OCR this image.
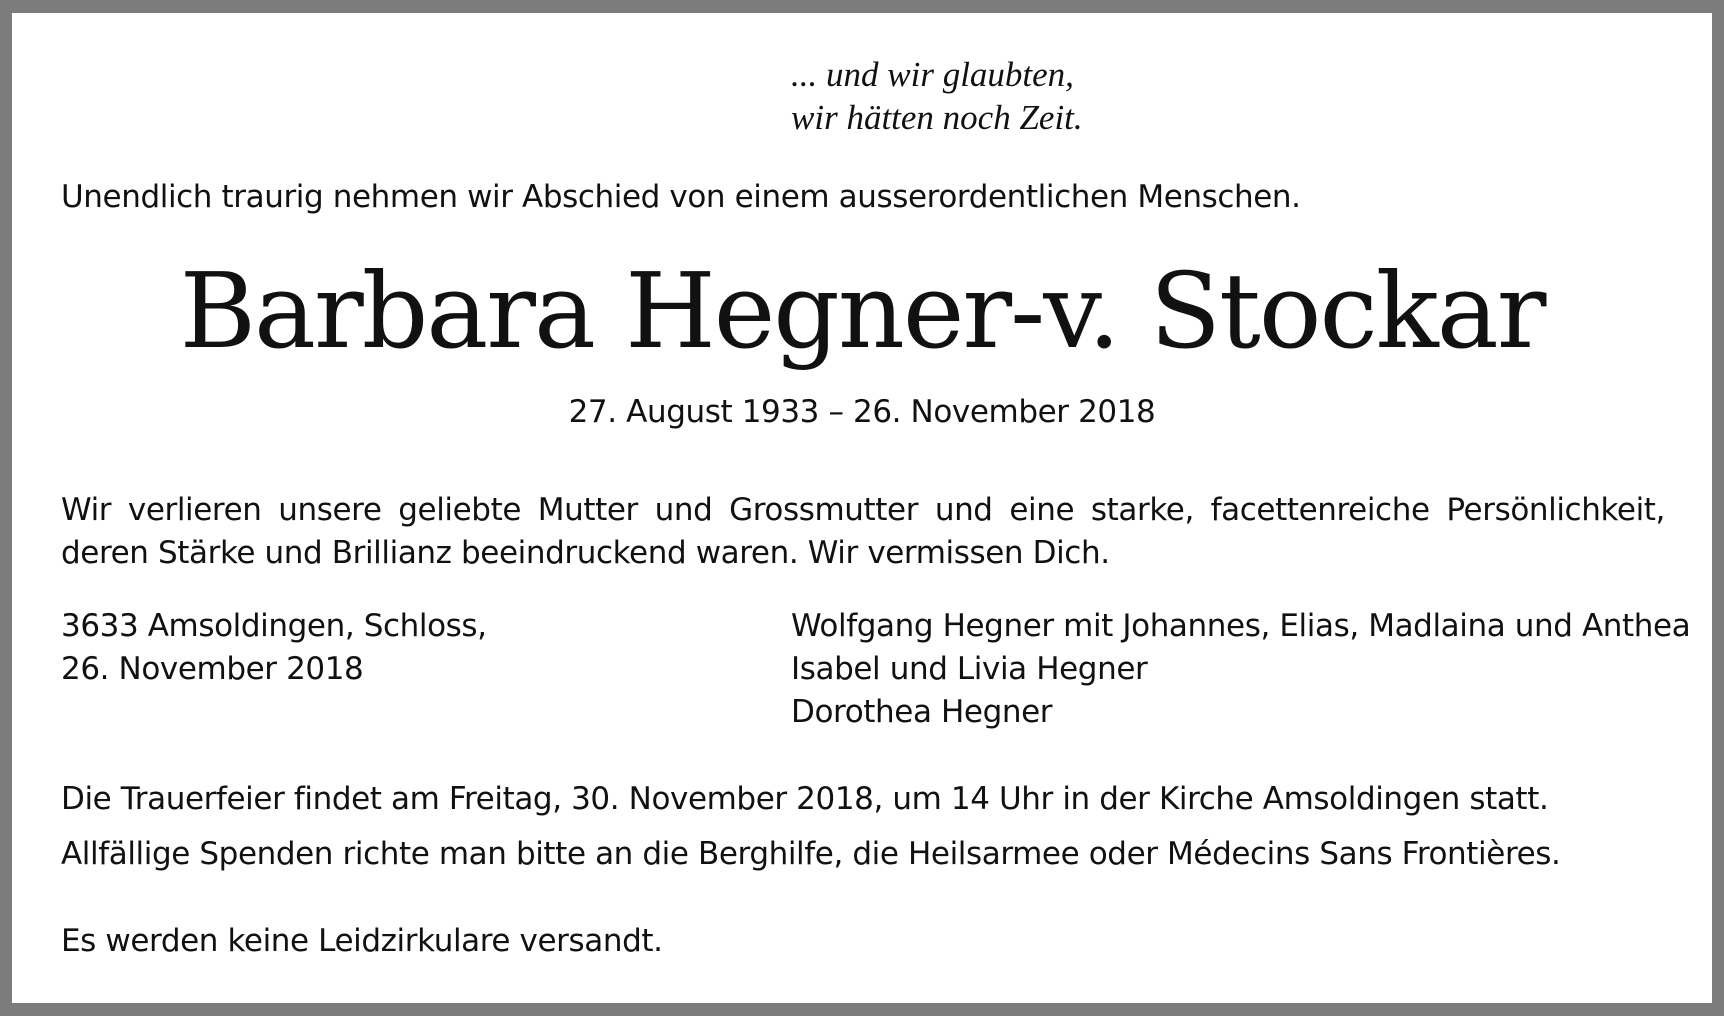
... und wir glaubten,
wir hätten noch Zeit.
Unendlich traurig nehmen wir Abschied von einem ausserordentlichen Menschen.
Barbara Hegner-v. Stockar
27. August 1933 – 26. November 2018
Wir verlieren unsere geliebte Mutter und Grossmutter und eine starke, facettenreiche Persönlichkeit, deren Stärke und Brillianz beeindruckend waren. Wir vermissen Dich.
3633 Amsoldingen, Schloss,
26. November 2018
Wolfgang Hegner mit Johannes, Elias, Madlaina und Anthea
Isabel und Livia Hegner
Dorothea Hegner
Die Trauerfeier findet am Freitag, 30. November 2018, um 14 Uhr in der Kirche Amsoldingen statt.
Allfällige Spenden richte man bitte an die Berghilfe, die Heilsarmee oder Médecins Sans Frontières.
Es werden keine Leidzirkulare versandt.
